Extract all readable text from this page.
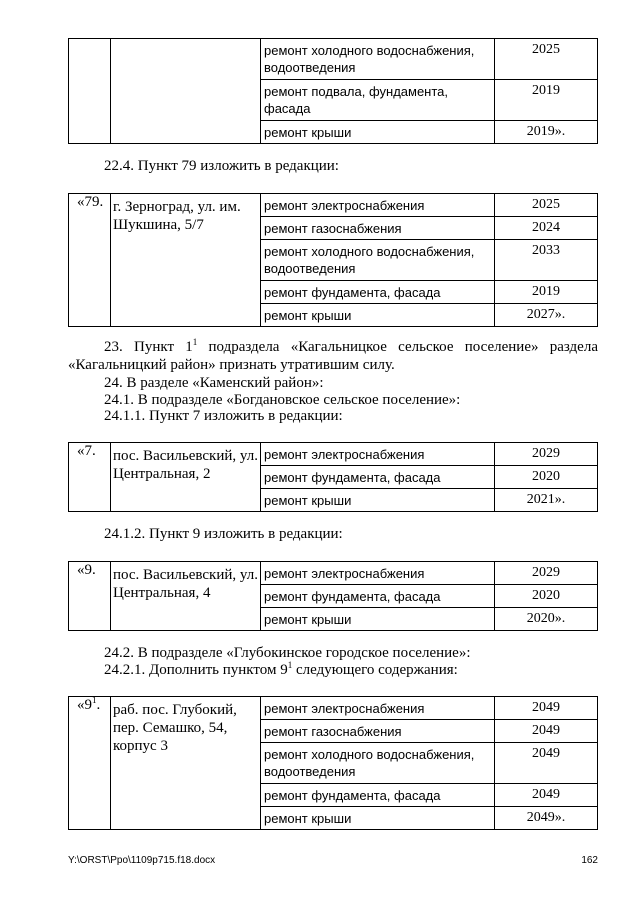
		ремонт холодного водоснабжения, водоотведения	2025
		ремонт подвала, фундамента, фасада	2019
		ремонт крыши	2019».

22.4. Пункт 79 изложить в редакции:

«79.	г. Зерноград, ул. им. Шукшина, 5/7	ремонт электроснабжения	2025
		ремонт газоснабжения	2024
		ремонт холодного водоснабжения, водоотведения	2033
		ремонт фундамента, фасада	2019
		ремонт крыши	2027».

23. Пункт $1^1$ подраздела «Кагальницкое сельское поселение» раздела «Кагальницкий район» признать утратившим силу.

24. В разделе «Каменский район»:

24.1. В подразделе «Богдановское сельское поселение»:

24.1.1. Пункт 7 изложить в редакции:

«7.	пос. Васильевский, ул. Центральная, 2	ремонт электроснабжения	2029
		ремонт фундамента, фасада	2020
		ремонт крыши	2021».

24.1.2. Пункт 9 изложить в редакции:

«9.	пос. Васильевский, ул. Центральная, 4	ремонт электроснабжения	2029
		ремонт фундамента, фасада	2020
		ремонт крыши	2020».

24.2. В подразделе «Глубокинское городское поселение»:

24.2.1. Дополнить пунктом $9^1$ следующего содержания:

«$9^1$.	раб. пос. Глубокий, пер. Семашко, 54, корпус 3	ремонт электроснабжения	2049
		ремонт газоснабжения	2049
		ремонт холодного водоснабжения, водоотведения	2049
		ремонт фундамента, фасада	2049
		ремонт крыши	2049».
Y:\ORST\Ppo\1109p715.f18.docx	162
